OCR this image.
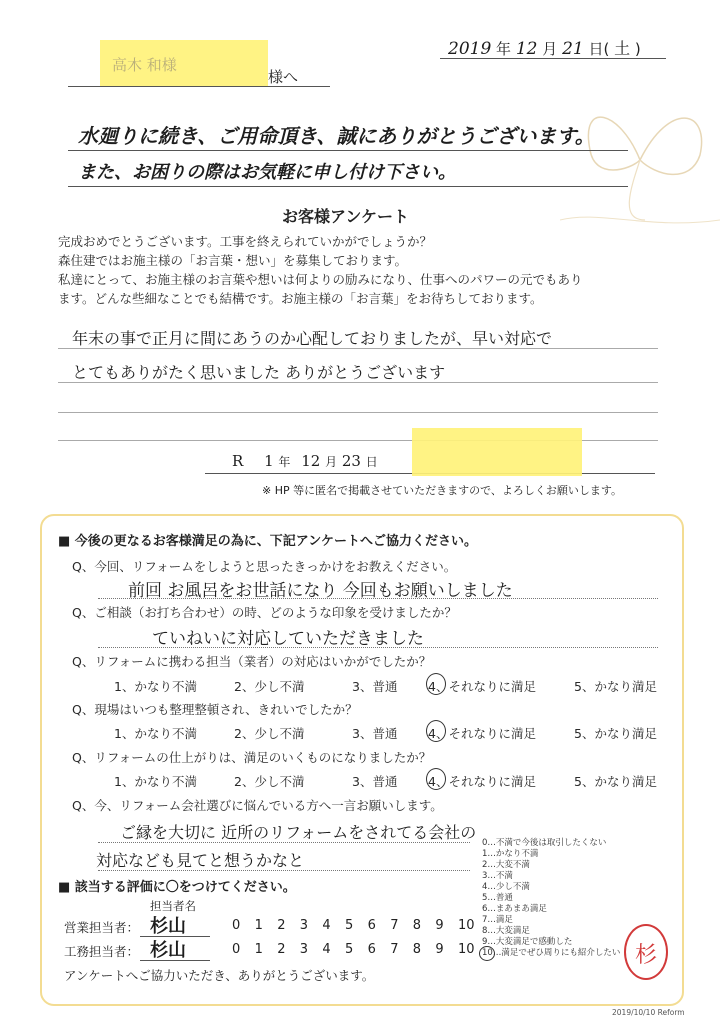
2019 年 12 月 21 日( 土 )
高木 和様
様へ
水廻りに続き、ご用命頂き、誠にありがとうございます。
また、お困りの際はお気軽に申し付け下さい。
お客様アンケート
完成おめでとうございます。工事を終えられていかがでしょうか？
森住建ではお施主様の「お言葉・想い」を募集しております。
私達にとって、お施主様のお言葉や想いは何よりの励みになり、仕事へのパワーの元でもあり
ます。どんな些細なことでも結構です。お施主様の「お言葉」をお待ちしております。
年末の事で正月に間にあうのか心配しておりましたが、早い対応で
とてもありがたく思いました ありがとうございます
R 1 年 12 月 23 日
※ HP 等に匿名で掲載させていただきますので、よろしくお願いします。
■ 今後の更なるお客様満足の為に、下記アンケートへご協力ください。
Q、今回、リフォームをしようと思ったきっかけをお教えください。
前回 お風呂をお世話になり 今回もお願いしました
Q、ご相談（お打ち合わせ）の時、どのような印象を受けましたか？
ていねいに対応していただきました
Q、リフォームに携わる担当（業者）の対応はいかがでしたか？
1、かなり不満	2、少し不満	3、普通 4、それなりに満足	5、かなり満足
Q、現場はいつも整理整頓され、きれいでしたか？
1、かなり不満	2、少し不満	3、普通 4、それなりに満足	5、かなり満足
Q、リフォームの仕上がりは、満足のいくものになりましたか？
1、かなり不満	2、少し不満	3、普通 4、それなりに満足	5、かなり満足
Q、今、リフォーム会社選びに悩んでいる方へ一言お願いします。
ご縁を大切に 近所のリフォームをされてる会社の
対応なども見てと想うかなと
0…不満で今後は取引したくない
1…かなり不満
2…大変不満
3…不満
4…少し不満
5…普通
6…まあまあ満足
7…満足
8…大変満足
9…大変満足で感動した
10…満足でぜひ周りにも紹介したい
■ 該当する評価に〇をつけてください。
担当者名
営業担当者： 杉山	0 1 2 3 4 5 6 7 8 9 10
工務担当者： 杉山	0 1 2 3 4 5 6 7 8 9 10
アンケートへご協力いただき、ありがとうございます。
杉
2019/10/10 Reform
